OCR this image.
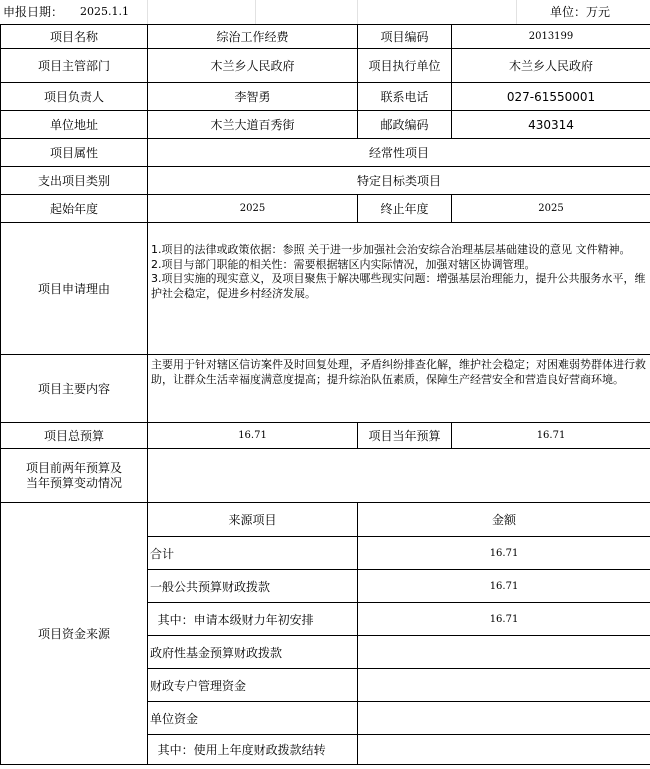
申报日期： 2025.1.1	单位：万元
项目名称	综治工作经费	项目编码	2013199
项目主管部门	木兰乡人民政府	项目执行单位	木兰乡人民政府
项目负责人	李智勇	联系电话	027-61550001
单位地址	木兰大道百秀街	邮政编码	430314
项目属性	经常性项目		
支出项目类别	特定目标类项目		
起始年度	2025	终止年度	2025
项目申请理由	1.项目的法律或政策依据：参照 关于进一步加强社会治安综合治理基层基础建设的意见 文件精神。

2.项目与部门职能的相关性：需要根据辖区内实际情况，加强对辖区协调管理。

3.项目实施的现实意义，及项目聚焦于解决哪些现实问题：增强基层治理能力，提升公共服务水平，维护社会稳定，促进乡村经济发展。		

项目主要内容	主要用于针对辖区信访案件及时回复处理，矛盾纠纷排查化解，维护社会稳定；对困难弱势群体进行救助，让群众生活幸福度满意度提高；提升综治队伍素质，保障生产经营安全和营造良好营商环境。		
项目总预算	16.71	项目当年预算	16.71
项目前两年预算及
当年预算变动情况			
项目资金来源	来源项目	金额	
	合计	16.71	
	一般公共预算财政拨款	16.71	
	其中：申请本级财力年初安排	16.71	
	政府性基金预算财政拨款		
	财政专户管理资金		
	单位资金		
	其中：使用上年度财政拨款结转		
